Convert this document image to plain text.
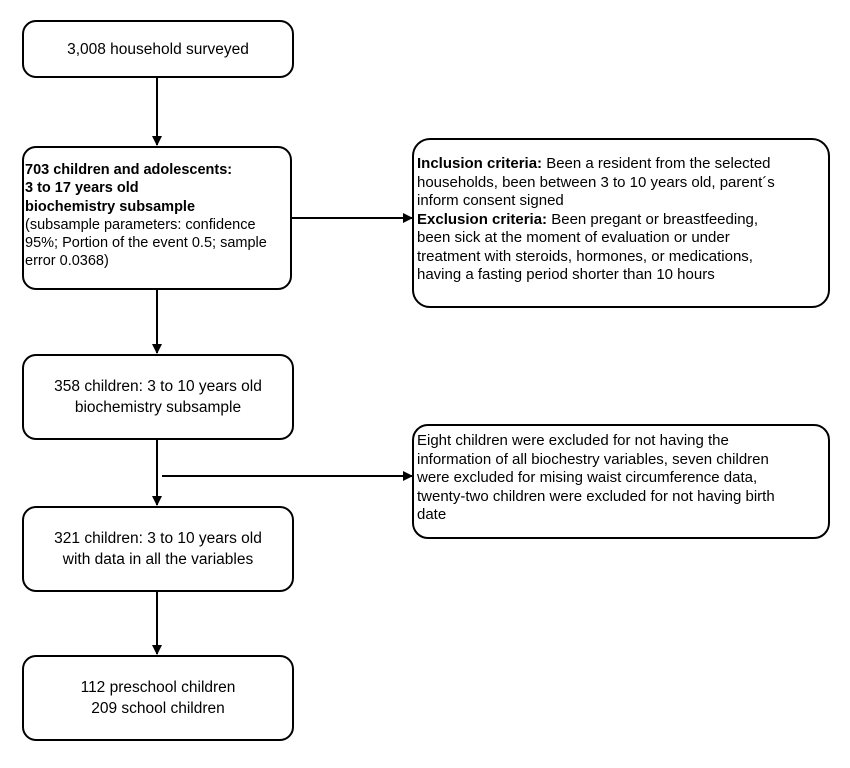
3,008 household surveyed
703 children and adolescents:
3 to 17 years old
biochemistry subsample
(subsample parameters: confidence
95%; Portion of the event 0.5; sample
error 0.0368)
Inclusion criteria: Been a resident from the selected
households, been between 3 to 10 years old, parent´s
inform consent signed
Exclusion criteria: Been pregant or breastfeeding,
been sick at the moment of evaluation or under
treatment with steroids, hormones, or medications,
having a fasting period shorter than 10 hours
358 children: 3 to 10 years old
biochemistry subsample
Eight children were excluded for not having the
information of all biochestry variables, seven children
were excluded for mising waist circumference data,
twenty-two children were excluded for not having birth
date
321 children: 3 to 10 years old
with data in all the variables
112 preschool children
209 school children
